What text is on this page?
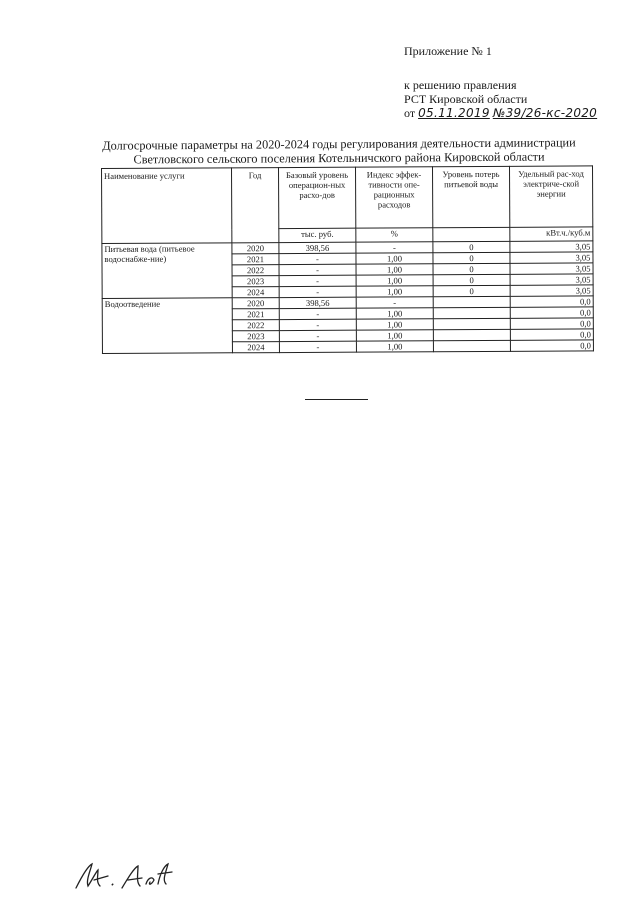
Приложение № 1
к решению правления
РСТ Кировской области
от 05.11.2019 №39/26-кс-2020
Долгосрочные параметры на 2020-2024 годы регулирования деятельности администрации
Светловского сельского поселения Котельничского района Кировской области
Наименование услуги	Год	Базовый уровень операцион-ных расхо-дов	Индекс эффек-тивности опе-рационных расходов	Уровень потерь питьевой воды	Удельный рас-ход электриче-ской энергии
		тыс. руб.	%		кВт.ч./куб.м
Питьевая вода (питьевое водоснабже-ние)	2020	398,56	-	0	3,05
	2021	-	1,00	0	3,05
	2022	-	1,00	0	3,05
	2023	-	1,00	0	3,05
	2024	-	1,00	0	3,05
Водоотведение	2020	398,56	-		0,0
	2021	-	1,00		0,0
	2022	-	1,00		0,0
	2023	-	1,00		0,0
	2024	-	1,00		0,0
